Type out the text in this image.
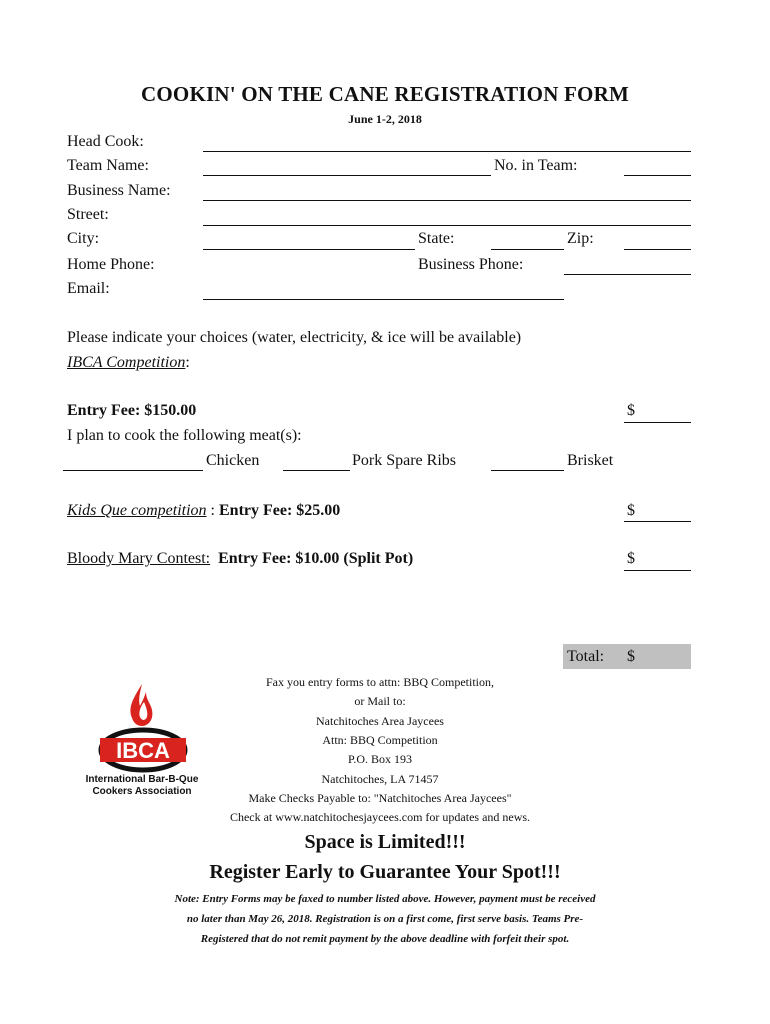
COOKIN' ON THE CANE REGISTRATION FORM
June 1-2, 2018
Head Cook:
Team Name:	No. in Team:
Business Name:
Street:
City:	State:	Zip:
Home Phone:	Business Phone:
Email:
Please indicate your choices (water, electricity, & ice will be available)
IBCA Competition:
Entry Fee: $150.00	$
I plan to cook the following meat(s):
Chicken	Pork Spare Ribs	Brisket
Kids Que competition : Entry Fee: $25.00	$
Bloody Mary Contest: Entry Fee: $10.00 (Split Pot)	$
Total: $
IBCA
International Bar-B-Que
Cookers Association
Fax you entry forms to attn: BBQ Competition,
or Mail to:
Natchitoches Area Jaycees
Attn: BBQ Competition
P.O. Box 193
Natchitoches, LA 71457
Make Checks Payable to: "Natchitoches Area Jaycees"
Check at www.natchitochesjaycees.com for updates and news.
Space is Limited!!!
Register Early to Guarantee Your Spot!!!
Note: Entry Forms may be faxed to number listed above. However, payment must be received
no later than May 26, 2018. Registration is on a first come, first serve basis. Teams Pre-
Registered that do not remit payment by the above deadline with forfeit their spot.
